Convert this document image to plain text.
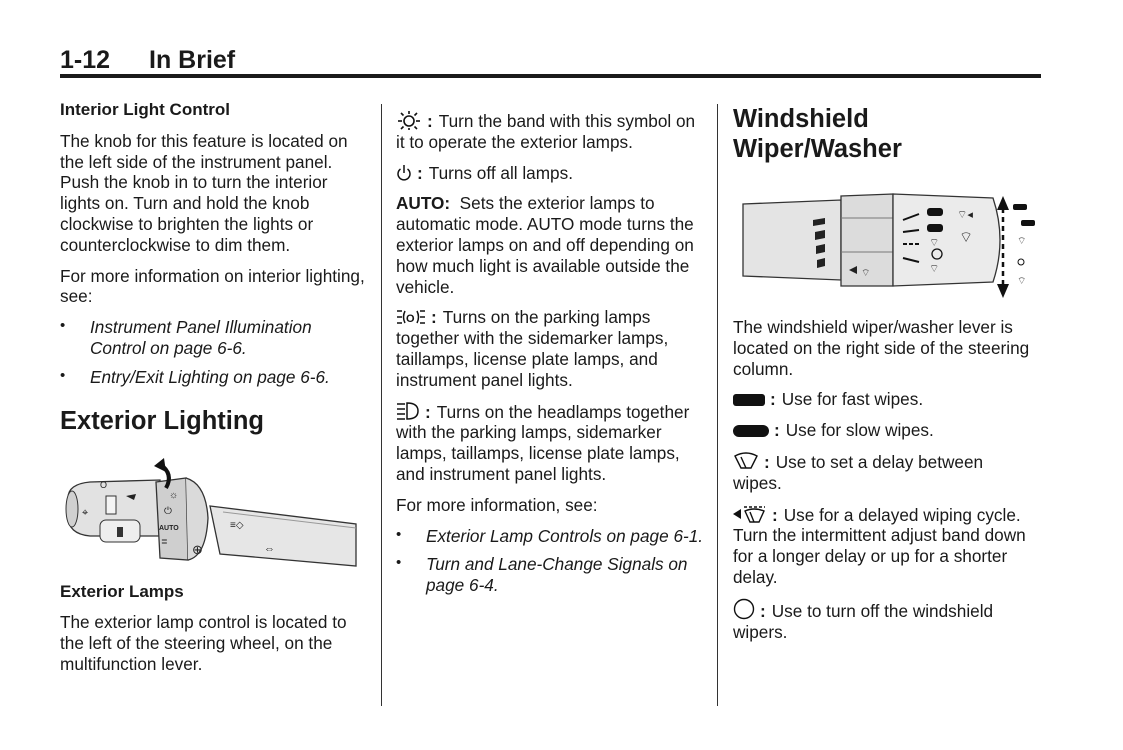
1-12 In Brief
Interior Light Control

The knob for this feature is located on the left side of the instrument panel. Push the knob in to turn the interior lights on. Turn and hold the knob clockwise to brighten the lights or counterclockwise to dim them.

For more information on interior lighting, see:

• Instrument Panel Illumination Control on page 6-6.
• Entry/Exit Lighting on page 6-6.
Exterior Lighting
⌖
O
⏻
AUTO
≣
☼
⊕
≡◇
⇔
Exterior Lamps

The exterior lamp control is located to the left of the steering wheel, on the multifunction lever.

: Turn the band with this symbol on it to operate the exterior lamps.

: Turns off all lamps.

AUTO: Sets the exterior lamps to automatic mode. AUTO mode turns the exterior lamps on and off depending on how much light is available outside the vehicle.

O : Turns on the parking lamps together with the sidemarker lamps, taillamps, license plate lamps, and instrument panel lights.

: Turns on the headlamps together with the parking lamps, sidemarker lamps, taillamps, license plate lamps, and instrument panel lights.

For more information, see:

• Exterior Lamp Controls on page 6-1.
• Turn and Lane-Change Signals on page 6-4.
Windshield Wiper/Washer
⌔
⌔
⌔
⌔◂
⌔	⌔
⌔

The windshield wiper/washer lever is located on the right side of the steering column.

: Use for fast wipes.

: Use for slow wipes.

: Use to set a delay between wipes.

: Use for a delayed wiping cycle. Turn the intermittent adjust band down for a longer delay or up for a shorter delay.

: Use to turn off the windshield wipers.
